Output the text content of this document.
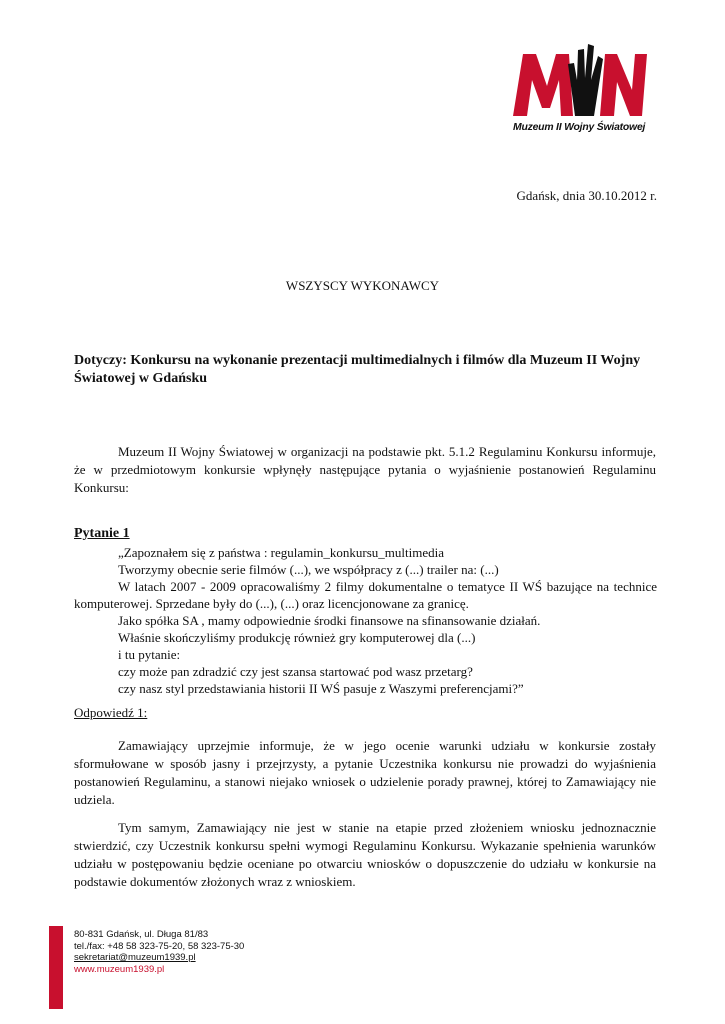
Muzeum II Wojny Światowej
Gdańsk, dnia 30.10.2012 r.
WSZYSCY WYKONAWCY
Dotyczy: Konkursu na wykonanie prezentacji multimedialnych i filmów dla Muzeum II Wojny Światowej w Gdańsku
Muzeum II Wojny Światowej w organizacji na podstawie pkt. 5.1.2 Regulaminu Konkursu informuje, że w przedmiotowym konkursie wpłynęły następujące pytania o wyjaśnienie postanowień Regulaminu Konkursu:
Pytanie 1
„Zapoznałem się z państwa : regulamin_konkursu_multimedia
Tworzymy obecnie serie filmów (...), we współpracy z (...) trailer na: (...)
W latach 2007 - 2009 opracowaliśmy 2 filmy dokumentalne o tematyce II WŚ bazujące na technice komputerowej. Sprzedane były do (...), (...) oraz licencjonowane za granicę.
Jako spółka SA , mamy odpowiednie środki finansowe na sfinansowanie działań.
Właśnie skończyliśmy produkcję również gry komputerowej dla (...)
i tu pytanie:
czy może pan zdradzić czy jest szansa startować pod wasz przetarg?
czy nasz styl przedstawiania historii II WŚ pasuje z Waszymi preferencjami?”
Odpowiedź 1:
Zamawiający uprzejmie informuje, że w jego ocenie warunki udziału w konkursie zostały sformułowane w sposób jasny i przejrzysty, a pytanie Uczestnika konkursu nie prowadzi do wyjaśnienia postanowień Regulaminu, a stanowi niejako wniosek o udzielenie porady prawnej, której to Zamawiający nie udziela.
Tym samym, Zamawiający nie jest w stanie na etapie przed złożeniem wniosku jednoznacznie stwierdzić, czy Uczestnik konkursu spełni wymogi Regulaminu Konkursu. Wykazanie spełnienia warunków udziału w postępowaniu będzie oceniane po otwarciu wniosków o dopuszczenie do udziału w konkursie na podstawie dokumentów złożonych wraz z wnioskiem.
80-831 Gdańsk, ul. Długa 81/83
tel./fax: +48 58 323-75-20, 58 323-75-30
sekretariat@muzeum1939.pl
www.muzeum1939.pl
